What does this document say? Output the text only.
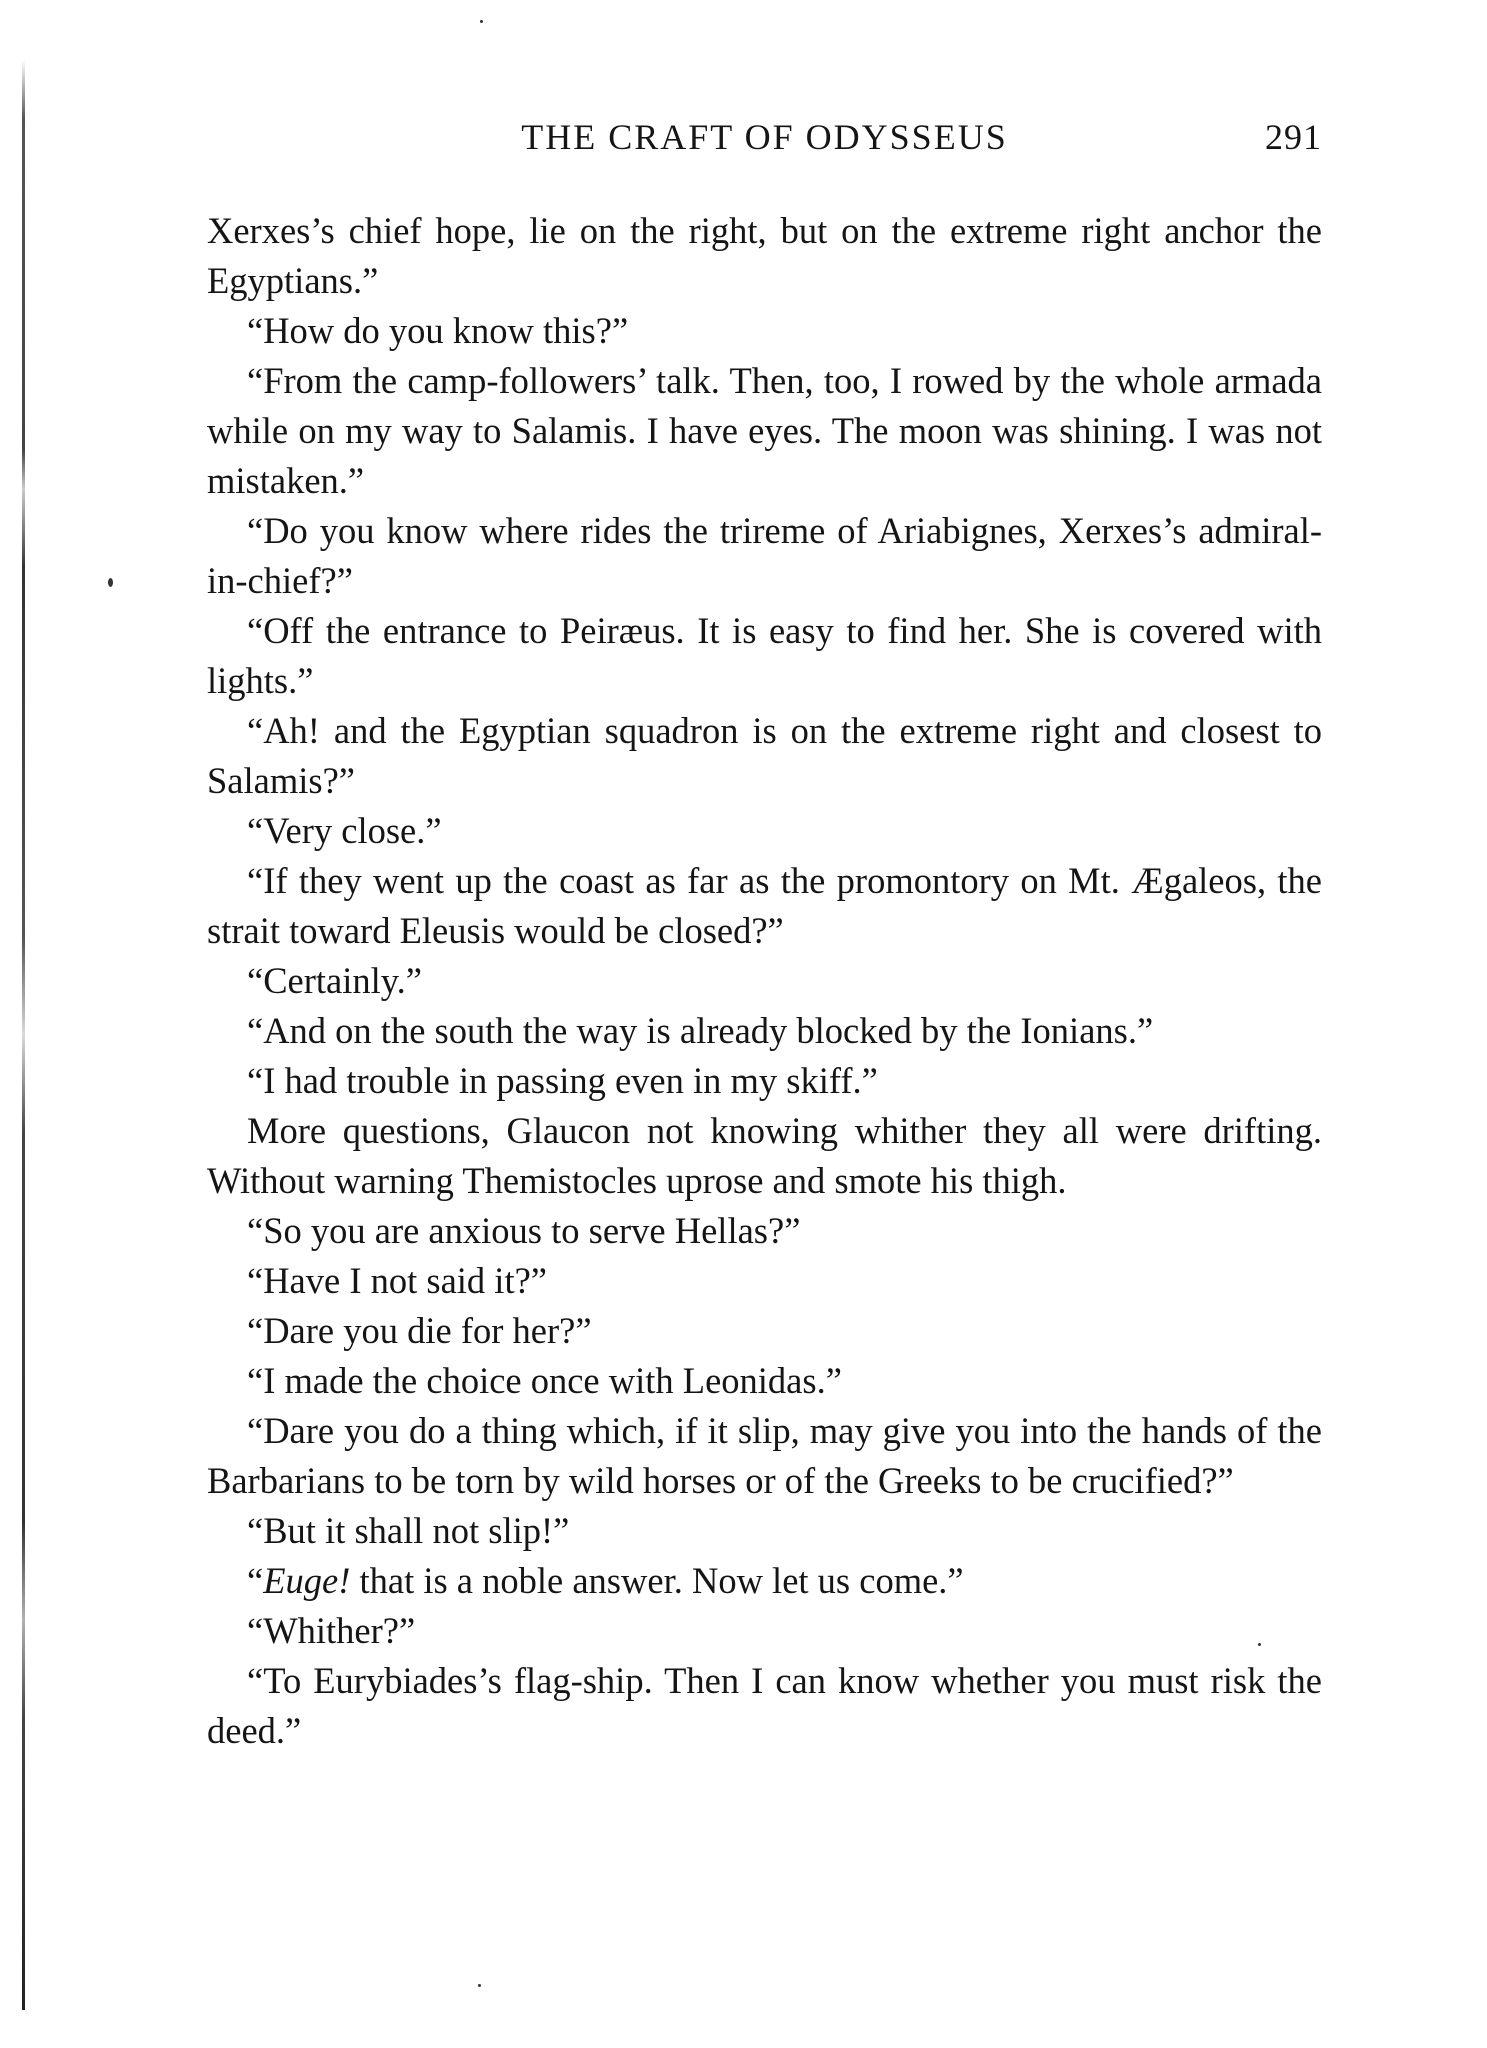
THE CRAFT OF ODYSSEUS	291

Xerxes’s chief hope, lie on the right, but on the extreme right anchor the Egyptians.”

“How do you know this?”

“From the camp-followers’ talk. Then, too, I rowed by the whole armada while on my way to Salamis. I have eyes. The moon was shining. I was not mistaken.”

“Do you know where rides the trireme of Ariabignes, Xerxes’s admiral-in-chief?”

“Off the entrance to Peiræus. It is easy to find her. She is covered with lights.”

“Ah! and the Egyptian squadron is on the extreme right and closest to Salamis?”

“Very close.”

“If they went up the coast as far as the promontory on Mt. Ægaleos, the strait toward Eleusis would be closed?”

“Certainly.”

“And on the south the way is already blocked by the Ionians.”

“I had trouble in passing even in my skiff.”

More questions, Glaucon not knowing whither they all were drifting. Without warning Themistocles uprose and smote his thigh.

“So you are anxious to serve Hellas?”

“Have I not said it?”

“Dare you die for her?”

“I made the choice once with Leonidas.”

“Dare you do a thing which, if it slip, may give you into the hands of the Barbarians to be torn by wild horses or of the Greeks to be crucified?”

“But it shall not slip!”

“Euge! that is a noble answer. Now let us come.”

“Whither?”

“To Eurybiades’s flag-ship. Then I can know whether you must risk the deed.”
